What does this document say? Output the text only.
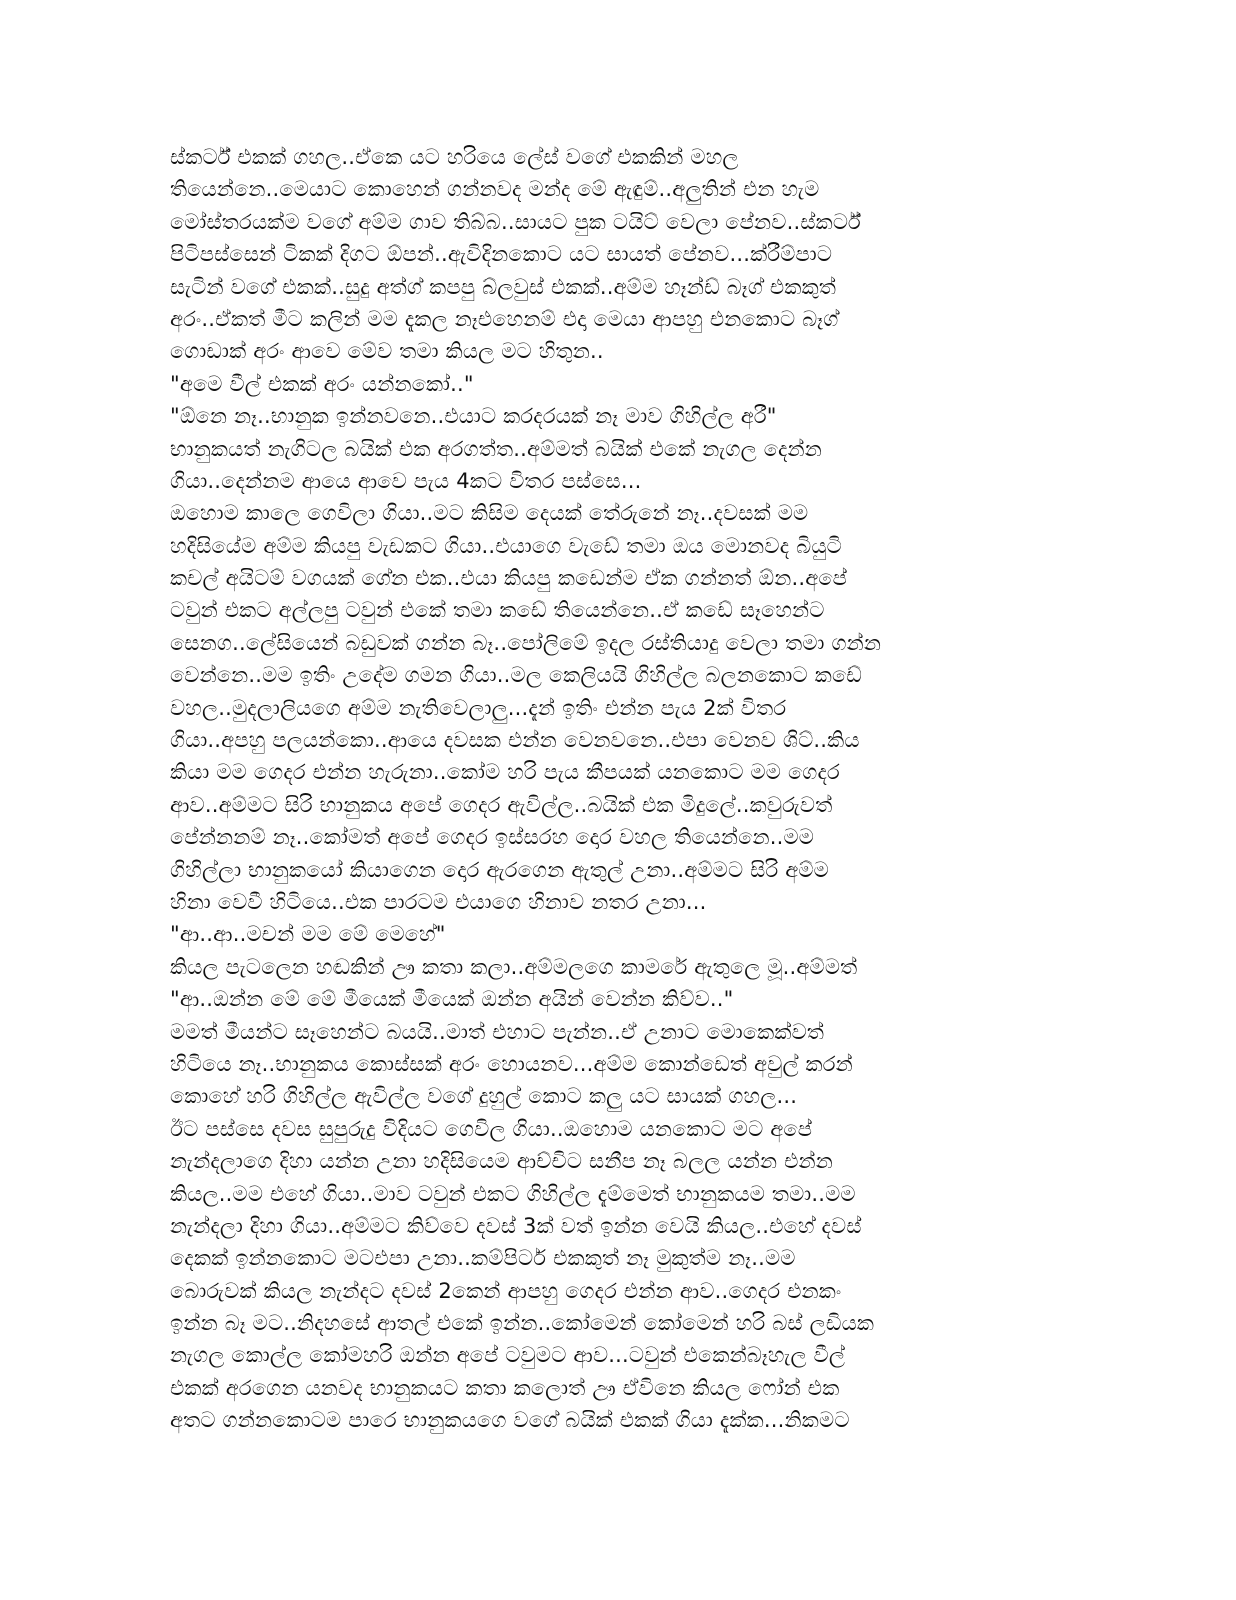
ස්කර්ට් එකක් ගහල..ඒකෙ යට හරියෙ ලේස් වගේ එකකින් මහල
තියෙන්නෙ..මෙයාට කොහෙන් ගන්නවද මන්ද මේ ඇඳුම්..අලුතින් එන හැම
මෝස්තරයක්ම වගේ අම්ම ගාව තිබ්බ..සායට පුක ටයිට් වෙලා පේනව..ස්කර්ට්
පිටිපස්සෙන් ටිකක් දිගට ඕපන්..ඇවිදිනකොට යට සායත් පේනව...ක්රීම්පාට
සැටින් වගේ එකක්..සුදු අත්ග් කපපු බ්ලවුස් එකක්..අම්ම හෑන්ඩ් බෑග් එකකුත්
අරං..ඒකත් මීට කලින් මම දැකල නෑඑහෙනම් එදා මෙයා ආපහු එනකොට බෑග්
ගොඩාක් අරං ආවෙ මේව තමා කියල මට හිතුන..
"අමෙ වීල් එකක් අරං යන්නකෝ.."
"ඕනෙ නෑ..භානුක ඉන්නවනෙ..එයාට කරදරයක් නෑ මාව ගිහිල්ල අරී"
භානුකයත් නැගිටල බයික් එක අරගත්ත..අම්මත් බයික් එකේ නැගල දෙන්න
ගියා..දෙන්නම ආයෙ ආවෙ පැය 4කට විතර පස්සෙ...
ඔහොම කාලෙ ගෙවිලා ගියා..මට කිසිම දෙයක් තේරුනේ නෑ..දවසක් මම
හදිසියේම අම්ම කියපු වැඩකට ගියා..එයාගෙ වැඩේ තමා ඔය මොනවද බියුටි
කචල් අයිටම් වගයක් ගේන එක..එයා කියපු කඩෙන්ම ඒක ගන්නත් ඕන..අපේ
ටවුන් එකට අල්ලපු ටවුන් එකේ තමා කඩේ තියෙන්නෙ..ඒ කඩේ සෑහෙන්ට
සෙනග..ලේසියෙන් බඩුවක් ගන්න බෑ..පෝලිමේ ඉදල රස්තියාදු වෙලා තමා ගන්න
වෙන්නෙ..මම ඉතිං උදේම ගමන ගියා..මල කෙලියයි ගිහිල්ල බලනකොට කඩේ
වහල..මුදලාලියගෙ අම්ම නැතිවෙලාලු...දැන් ඉතිං එන්න පැය 2ක් විතර
ගියා..අපහු පලයන්කො..ආයෙ දවසක එන්න වෙනවනෙ..එපා වෙනව ශිට්..කිය
කියා මම ගෙදර එන්න හැරුනා..කෝම හරි පැය කීපයක් යනකොට මම ගෙදර
ආව..අම්මට සිරි භානුකය අපේ ගෙදර ඇවිල්ල..බයික් එක මිදුලේ..කවුරුවත්
පේන්නනම් නෑ..කෝමත් අපේ ගෙදර ඉස්සරහ දොර වහල තියෙන්නෙ..මම
ගිහිල්ලා භානුකයෝ කියාගෙන දොර ඇරගෙන ඇතුල් උනා..අම්මට සිරි අම්ම
හිනා වෙවී හිටියෙ..එක පාරටම එයාගෙ හිනාව නතර උනා...
"ආ..ආ..මචන් මම මේ මෙහේ"
කියල පැටලෙන හඬකින් ඌ කතා කලා..අම්මලගෙ කාමරේ ඇතුලෙ මූ..අම්මත්
"ආ..ඔන්න මේ මේ මීයෙක් මීයෙක් ඔන්න අයින් වෙන්න කිව්ව.."
මමත් මීයන්ට සෑහෙන්ට බයයි..මාත් එහාට පැන්න..ඒ උනාට මොකෙක්වත්
හිටියෙ නෑ..භානුකය කොස්සක් අරං හොයනව...අම්ම කොන්ඩෙත් අවුල් කරන්
කොහේ හරි ගිහිල්ල ඇවිල්ල වගේ දුහුල් කොට කලු යට සායක් ගහල...
ඊට පස්සෙ දවස සුපුරුදු විදියට ගෙවිල ගියා..ඔහොම යනකොට මට අපේ
නැන්දලාගෙ දිහා යන්න උනා හදිසියෙම ආච්චිට සනීප නෑ බලල යන්න එන්න
කියල..මම එහේ ගියා..මාව ටවුන් එකට ගිහිල්ල දැම්මෙත් භානුකයම තමා..මම
නැන්දලා දිහා ගියා..අම්මට කිව්වෙ දවස් 3ක් වත් ඉන්න වෙයි කියල..එහේ දවස්
දෙකක් ඉන්නකොට මටඑපා උනා..කම්පිටර් එකකුත් නෑ මුකුත්ම නෑ..මම
බොරුවක් කියල නැන්දට දවස් 2කෙන් ආපහු ගෙදර එන්න ආව..ගෙදර එනකං
ඉන්න බෑ මට..නිදහසේ ආතල් එකේ ඉන්න..කෝමෙන් කෝමෙන් හරි බස් ලඩියක
නැගල කොල්ල කෝමහරි ඔන්න අපේ ටවුමට ආව...ටවුන් එකෙන්බෑහැල වීල්
එකක් අරගෙන යනවද භානුකයට කතා කලොත් ඌ ඒවිනෙ කියල ෆෝන් එක
අතට ගන්නකොටම පාරෙ භානුකයගෙ වගේ බයික් එකක් ගියා දැක්ක...නිකමට
